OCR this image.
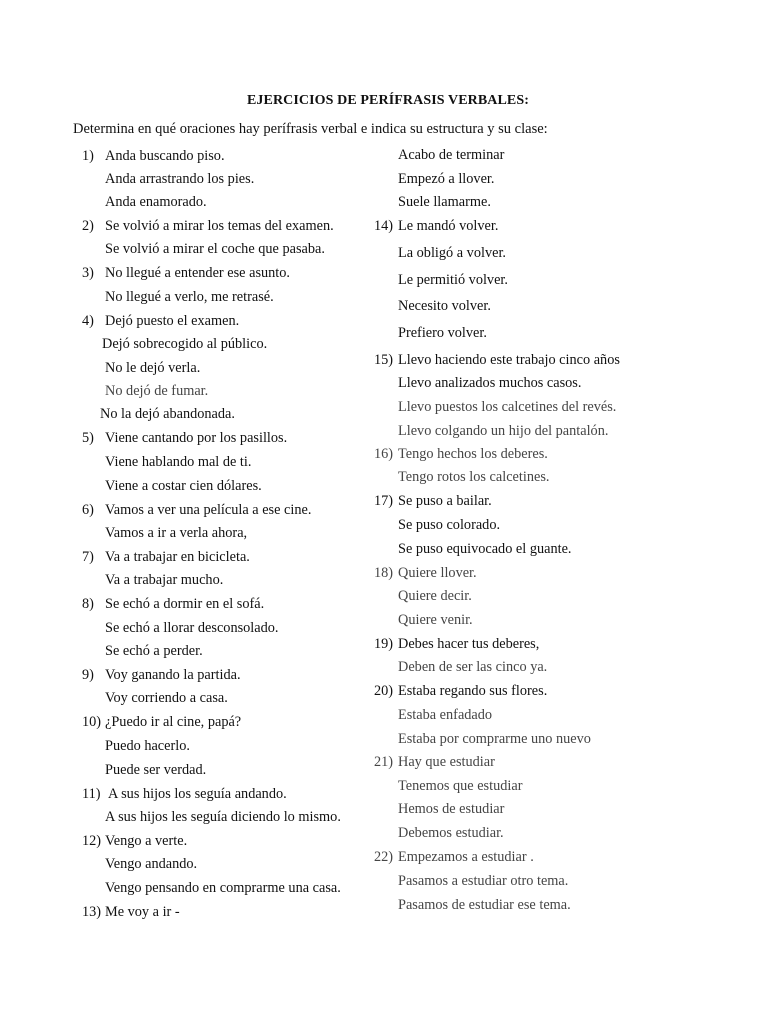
EJERCICIOS DE PERÍFRASIS VERBALES:
Determina en qué oraciones hay perífrasis verbal e indica su estructura y su clase:
1) Anda buscando piso.
Anda arrastrando los pies.
Anda enamorado.
2) Se volvió a mirar los temas del examen.
Se volvió a mirar el coche que pasaba.
3) No llegué a entender ese asunto.
No llegué a verlo, me retrasé.
4) Dejó puesto el examen.
Dejó sobrecogido al público.
No le dejó verla.
No dejó de fumar.
No la dejó abandonada.
5) Viene cantando por los pasillos.
Viene hablando mal de ti.
Viene a costar cien dólares.
6) Vamos a ver una película a ese cine.
Vamos a ir a verla ahora,
7) Va a trabajar en bicicleta.
Va a trabajar mucho.
8) Se echó a dormir en el sofá.
Se echó a llorar desconsolado.
Se echó a perder.
9) Voy ganando la partida.
Voy corriendo a casa.
10) ¿Puedo ir al cine, papá?
Puedo hacerlo.
Puede ser verdad.
11) A sus hijos los seguía andando.
A sus hijos les seguía diciendo lo mismo.
12) Vengo a verte.
Vengo andando.
Vengo pensando en comprarme una casa.
13) Me voy a ir -
Acabo de terminar
Empezó a llover.
Suele llamarme.
14) Le mandó volver.
La obligó a volver.
Le permitió volver.
Necesito volver.
Prefiero volver.
15) Llevo haciendo este trabajo cinco años
Llevo analizados muchos casos.
Llevo puestos los calcetines del revés.
Llevo colgando un hijo del pantalón.
16) Tengo hechos los deberes.
Tengo rotos los calcetines.
17) Se puso a bailar.
Se puso colorado.
Se puso equivocado el guante.
18) Quiere llover.
Quiere decir.
Quiere venir.
19) Debes hacer tus deberes,
Deben de ser las cinco ya.
20) Estaba regando sus flores.
Estaba enfadado
Estaba por comprarme uno nuevo
21) Hay que estudiar
Tenemos que estudiar
Hemos de estudiar
Debemos estudiar.
22) Empezamos a estudiar .
Pasamos a estudiar otro tema.
Pasamos de estudiar ese tema.
